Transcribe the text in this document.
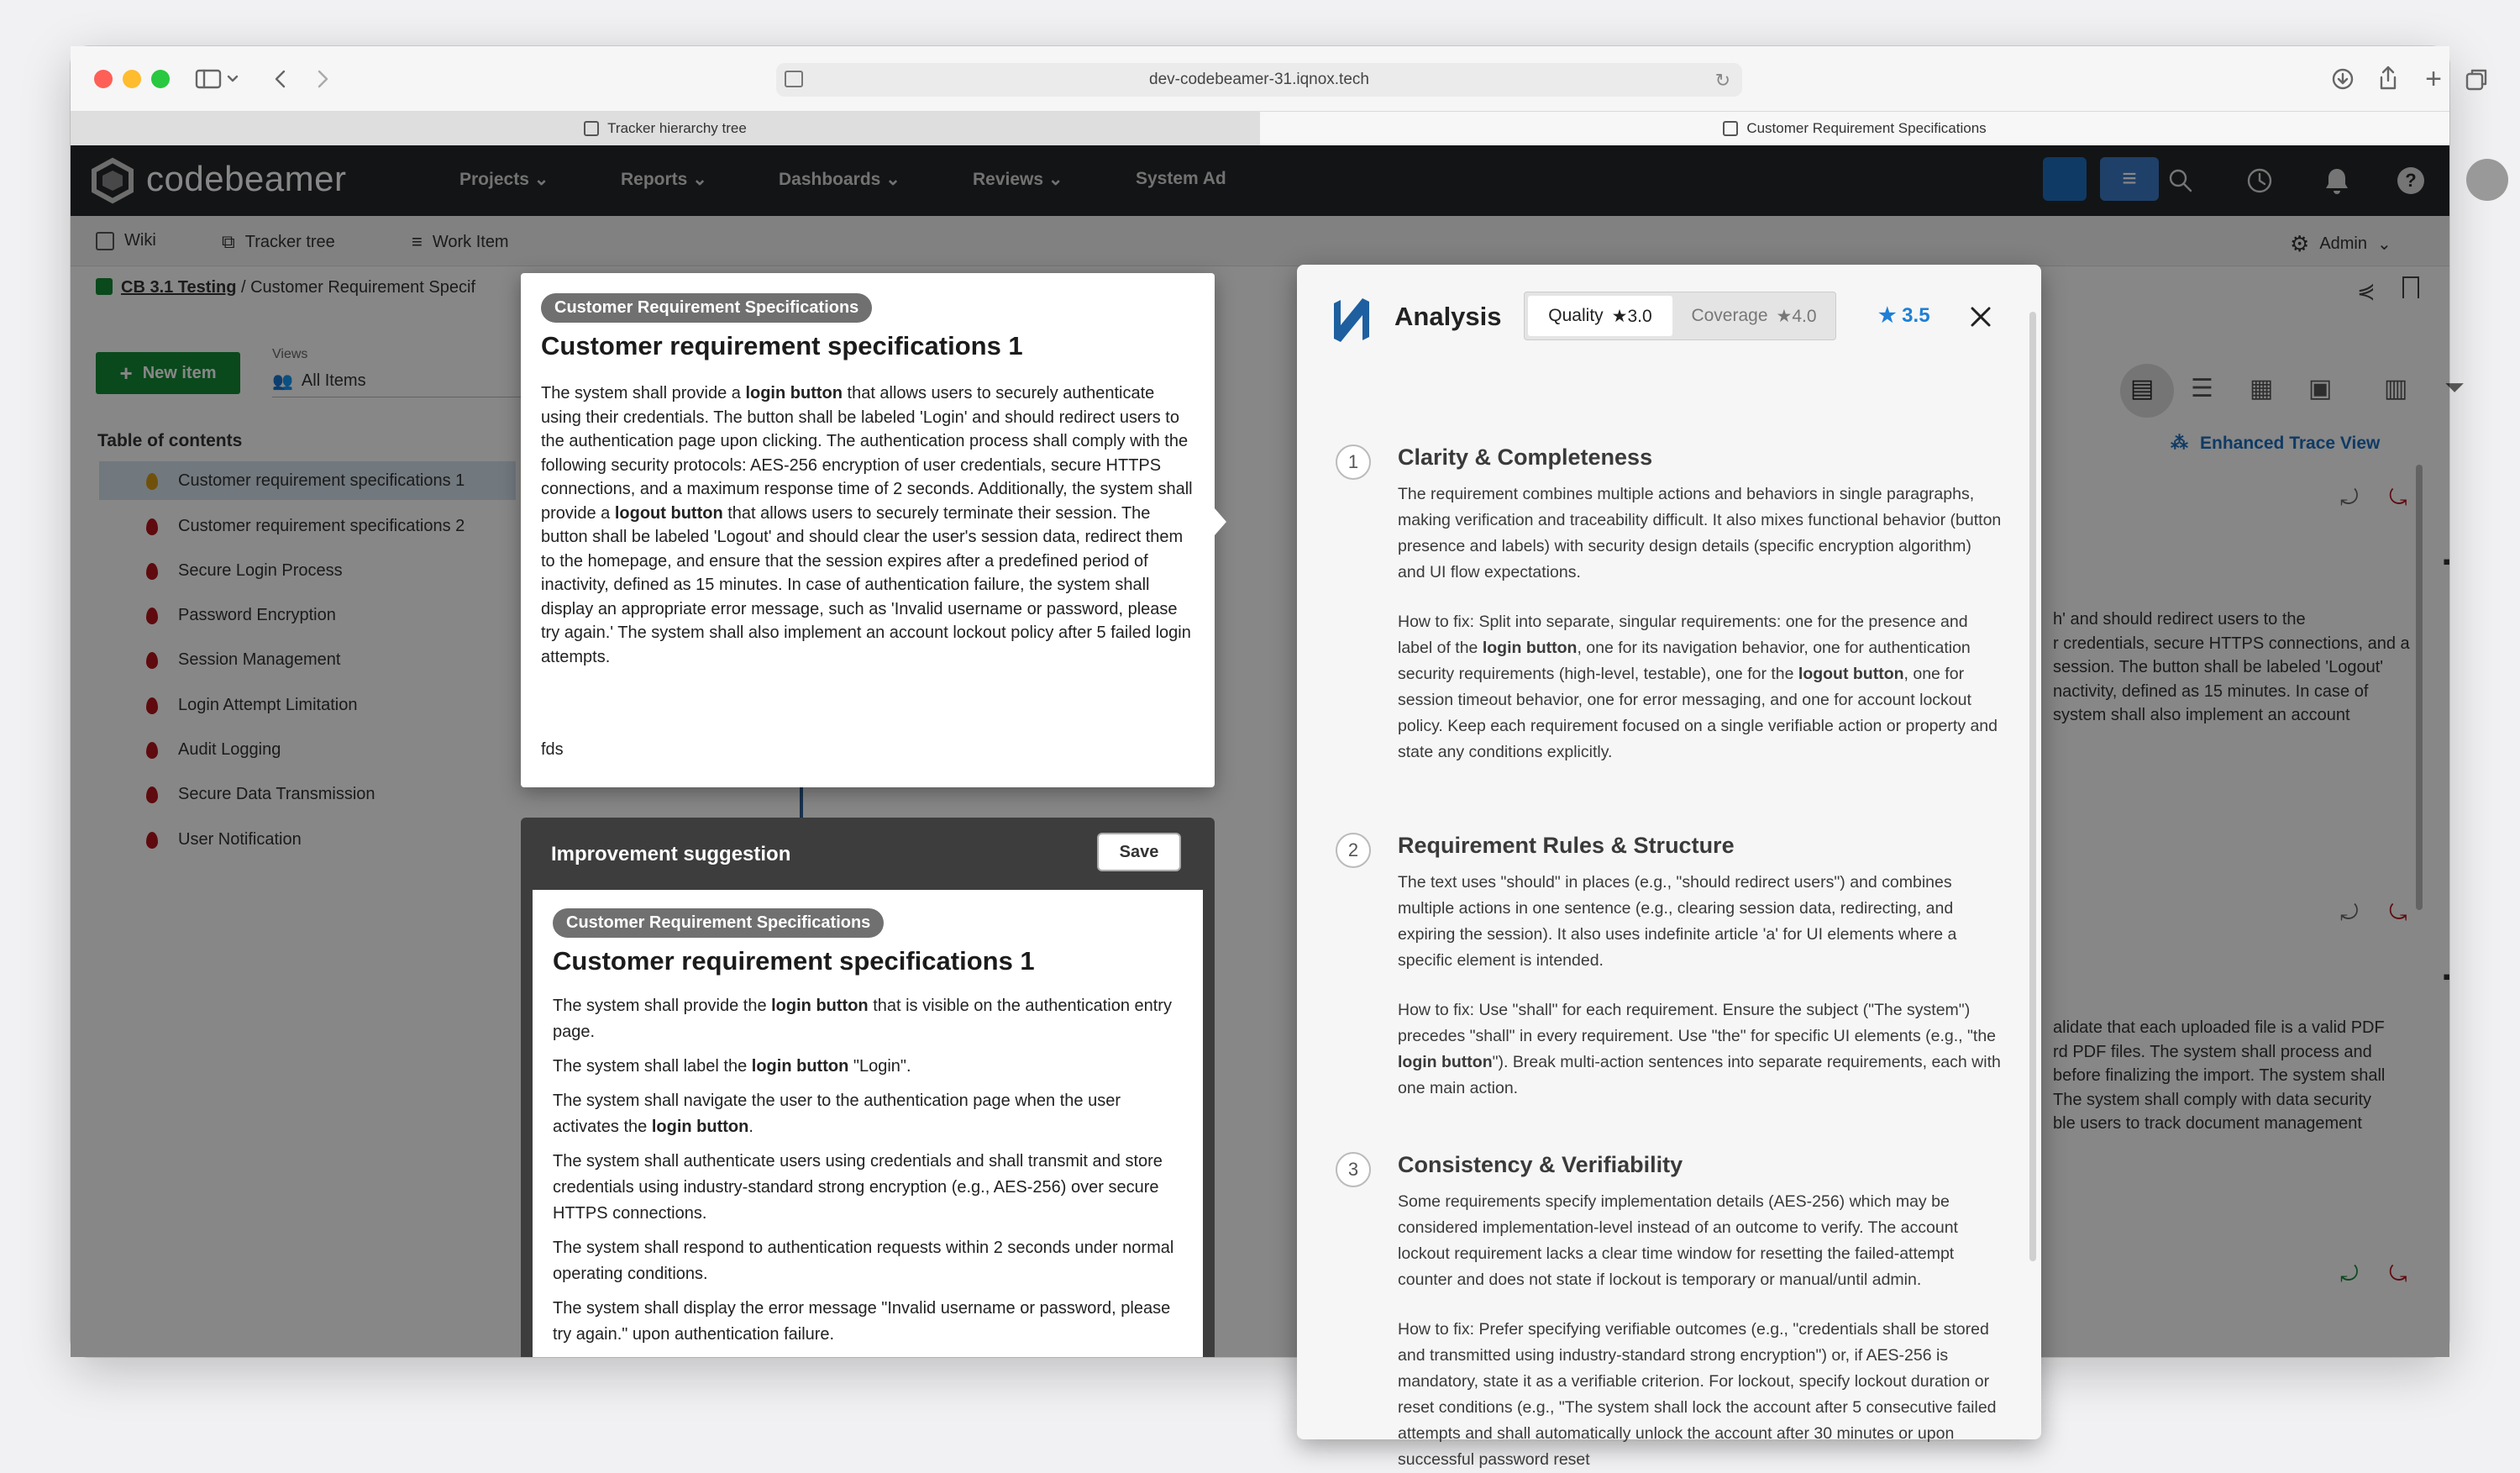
dev-codebeamer-31.iqnox.tech	↻	+
Tracker hierarchy tree	Customer Requirement Specifications
codebeamer	Projects ⌄	Reports ⌄	Dashboards ⌄	Reviews ⌄	System Ad	≡	?
Wiki	⧉ Tracker tree	≡ Work Item	⚙ Admin ⌄
CB 3.1 Testing / Customer Requirement Specif	⋞
+ New item
Views
👥 All Items
Table of contents
Customer requirement specifications 1
Customer requirement specifications 2
Secure Login Process
Password Encryption
Session Management
Login Attempt Limitation
Audit Logging
Secure Data Transmission
User Notification
h' and should redirect users to the
r credentials, secure HTTPS connections, and a
session. The button shall be labeled 'Logout'
nactivity, defined as 15 minutes. In case of
system shall also implement an account
alidate that each uploaded file is a valid PDF
rd PDF files. The system shall process and
before finalizing the import. The system shall
The system shall comply with data security
ble users to track document management
⁂ Enhanced Trace View
▤ ☰ ▦ ▣ ▥ ⏷
⤾ ⤿
▪
⤾ ⤿
▪
⤾ ⤿
Customer Requirement Specifications
Customer requirement specifications 1
The system shall provide a login button that allows users to securely authenticate using their credentials. The button shall be labeled 'Login' and should redirect users to the authentication page upon clicking. The authentication process shall comply with the following security protocols: AES-256 encryption of user credentials, secure HTTPS connections, and a maximum response time of 2 seconds. Additionally, the system shall provide a logout button that allows users to securely terminate their session. The button shall be labeled 'Logout' and should clear the user's session data, redirect them to the homepage, and ensure that the session expires after a predefined period of inactivity, defined as 15 minutes. In case of authentication failure, the system shall display an appropriate error message, such as 'Invalid username or password, please try again.' The system shall also implement an account lockout policy after 5 failed login attempts.
fds
Improvement suggestion	Save
Customer Requirement Specifications
Customer requirement specifications 1
The system shall provide the login button that is visible on the authentication entry page.
The system shall label the login button "Login".
The system shall navigate the user to the authentication page when the user activates the login button.
The system shall authenticate users using credentials and shall transmit and store credentials using industry-standard strong encryption (e.g., AES-256) over secure HTTPS connections.
The system shall respond to authentication requests within 2 seconds under normal operating conditions.
The system shall display the error message "Invalid username or password, please try again." upon authentication failure.
Analysis	Quality ★3.0 Coverage ★4.0	★ 3.5
1	Clarity & Completeness
The requirement combines multiple actions and behaviors in single paragraphs, making verification and traceability difficult. It also mixes functional behavior (button presence and labels) with security design details (specific encryption algorithm) and UI flow expectations.
How to fix: Split into separate, singular requirements: one for the presence and label of the login button, one for its navigation behavior, one for authentication security requirements (high-level, testable), one for the logout button, one for session timeout behavior, one for error messaging, and one for account lockout policy. Keep each requirement focused on a single verifiable action or property and state any conditions explicitly.
2	Requirement Rules & Structure
The text uses "should" in places (e.g., "should redirect users") and combines multiple actions in one sentence (e.g., clearing session data, redirecting, and expiring the session). It also uses indefinite article 'a' for UI elements where a specific element is intended.
How to fix: Use "shall" for each requirement. Ensure the subject ("The system") precedes "shall" in every requirement. Use "the" for specific UI elements (e.g., "the login button"). Break multi-action sentences into separate requirements, each with one main action.
3	Consistency & Verifiability
Some requirements specify implementation details (AES-256) which may be considered implementation-level instead of an outcome to verify. The account lockout requirement lacks a clear time window for resetting the failed-attempt counter and does not state if lockout is temporary or manual/until admin.
How to fix: Prefer specifying verifiable outcomes (e.g., "credentials shall be stored and transmitted using industry-standard strong encryption") or, if AES-256 is mandatory, state it as a verifiable criterion. For lockout, specify lockout duration or reset conditions (e.g., "The system shall lock the account after 5 consecutive failed attempts and shall automatically unlock the account after 30 minutes or upon successful password reset
